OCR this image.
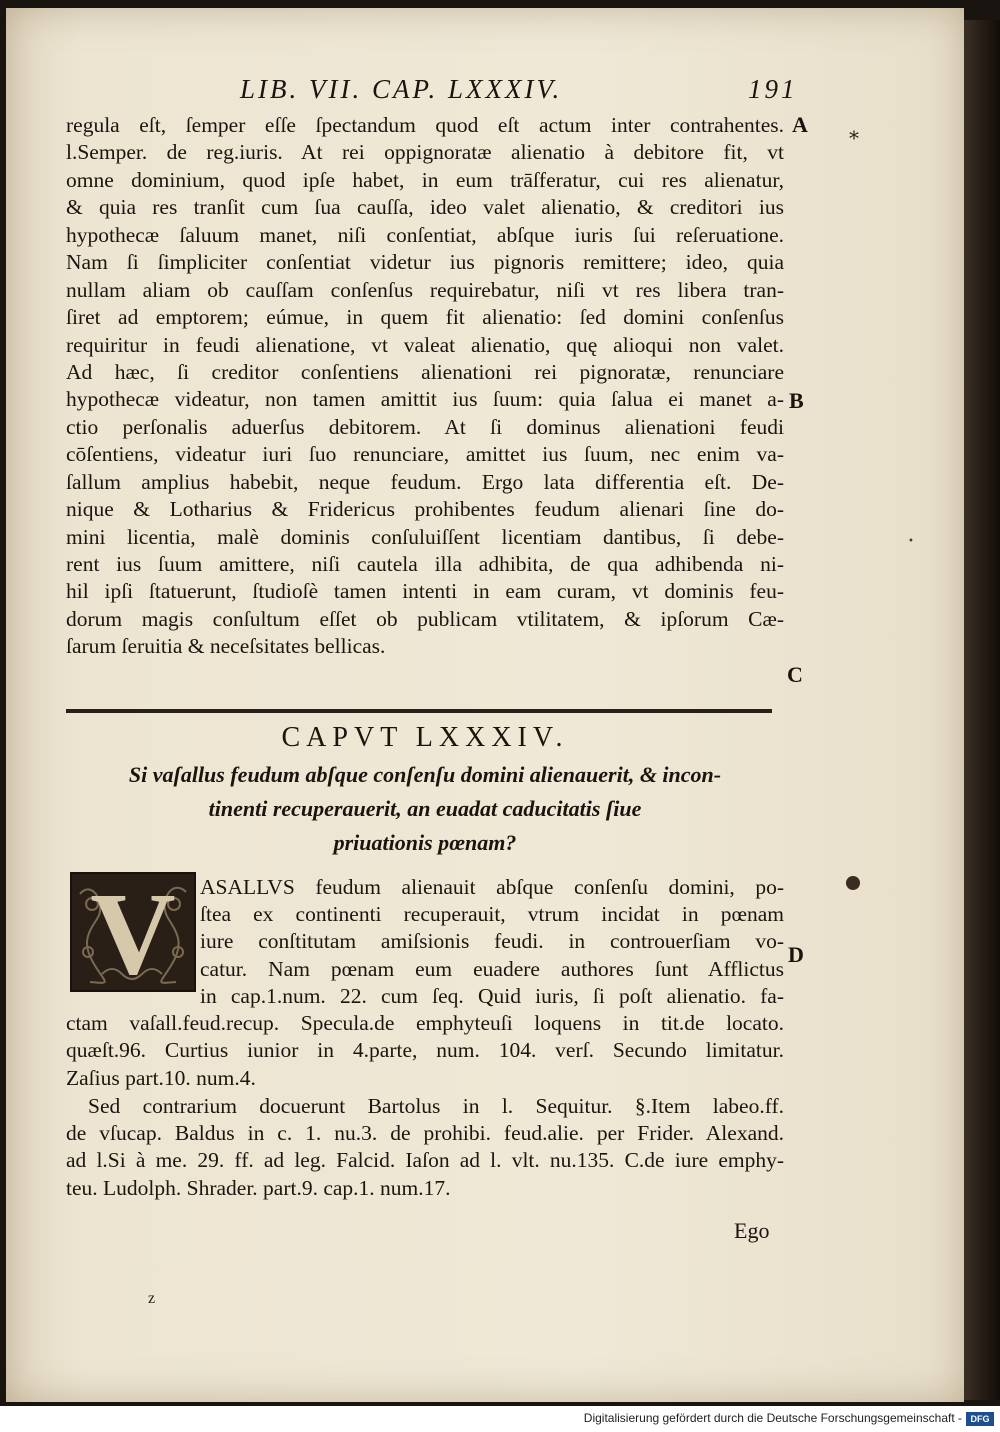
LIB. VII. CAP. LXXXIV.	191
regula eſt, ſemper eſſe ſpectandum quod eſt actum inter contrahentes.
l.Semper. de reg.iuris. At rei oppignoratæ alienatio à debitore fit, vt
omne dominium, quod ipſe habet, in eum trāſferatur, cui res alienatur,
& quia res tranſit cum ſua cauſſa, ideo valet alienatio, & creditori ius
hypothecæ ſaluum manet, niſi conſentiat, abſque iuris ſui reſeruatione.
Nam ſi ſimpliciter conſentiat videtur ius pignoris remittere; ideo, quia
nullam aliam ob cauſſam conſenſus requirebatur, niſi vt res libera tran-
ſiret ad emptorem; eúmue, in quem fit alienatio: ſed domini conſenſus
requiritur in feudi alienatione, vt valeat alienatio, quę alioqui non valet.
Ad hæc, ſi creditor conſentiens alienationi rei pignoratæ, renunciare
hypothecæ videatur, non tamen amittit ius ſuum: quia ſalua ei manet a-
ctio perſonalis aduerſus debitorem. At ſi dominus alienationi feudi
cōſentiens, videatur iuri ſuo renunciare, amittet ius ſuum, nec enim va-
ſallum amplius habebit, neque feudum. Ergo lata differentia eſt. De-
nique & Lotharius & Fridericus prohibentes feudum alienari ſine do-
mini licentia, malè dominis conſuluiſſent licentiam dantibus, ſi debe-
rent ius ſuum amittere, niſi cautela illa adhibita, de qua adhibenda ni-
hil ipſi ſtatuerunt, ſtudioſè tamen intenti in eam curam, vt dominis feu-
dorum magis conſultum eſſet ob publicam vtilitatem, & ipſorum Cæ-
ſarum ſeruitia & neceſsitates bellicas.
A
B
C
D
*
•
CAPVT LXXXIV.
Si vaſallus feudum abſque conſenſu domini alienauerit, & incon-
tinenti recuperauerit, an euadat caducitatis ſiue
priuationis pœnam?
V	ASALLVS feudum alienauit abſque conſenſu domini, po-
ſtea ex continenti recuperauit, vtrum incidat in pœnam
iure conſtitutam amiſsionis feudi. in controuerſiam vo-
catur. Nam pœnam eum euadere authores ſunt Afflictus
in cap.1.num. 22. cum ſeq. Quid iuris, ſi poſt alienatio. fa-
ctam vaſall.feud.recup. Specula.de emphyteuſi loquens in tit.de locato.
quæſt.96. Curtius iunior in 4.parte, num. 104. verſ. Secundo limitatur.
Zaſius part.10. num.4.
Sed contrarium docuerunt Bartolus in l. Sequitur. §.Item labeo.ff.
de vſucap. Baldus in c. 1. nu.3. de prohibi. feud.alie. per Frider. Alexand.
ad l.Si à me. 29. ff. ad leg. Falcid. Iaſon ad l. vlt. nu.135. C.de iure emphy-
teu. Ludolph. Shrader. part.9. cap.1. num.17.
Ego
z
Digitalisierung gefördert durch die Deutsche Forschungsgemeinschaft - DFG
